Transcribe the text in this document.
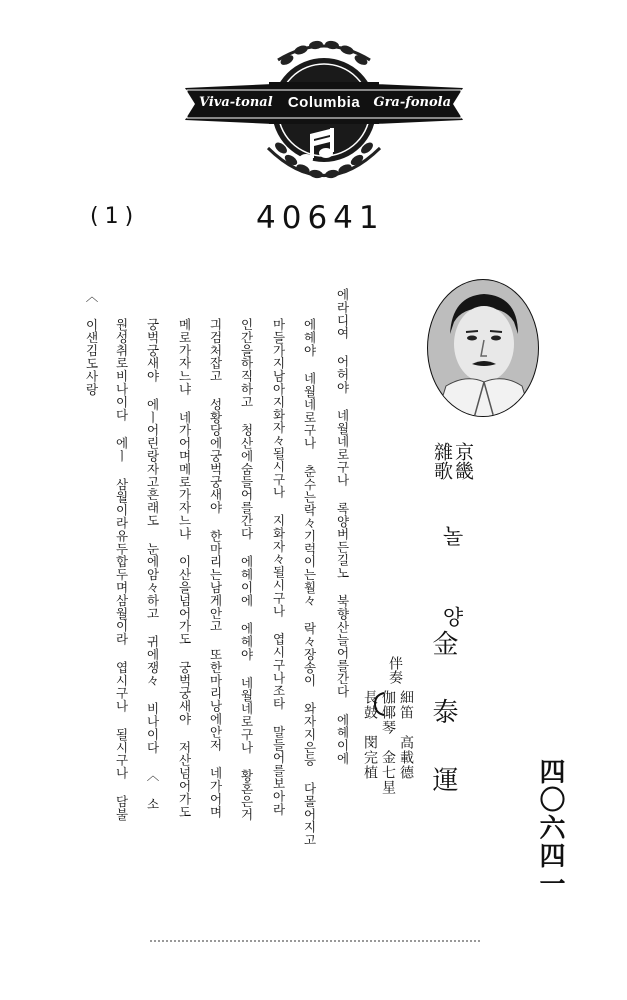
Viva-tonal	Columbia	Gra-fonola
(1)	40641
京畿
雜歌
놀 양
金泰運
伴奏
細笛　高載德
伽倻琴　金七星
長鼓　閔完植
四〇六四一
에라디여 어허야 네월네로구나 록양버든길노 북향산늘어를간다 에헤이에
에헤야 네월네로구나 춘수는락々기럭이는훨々 락々장송이 와자지은등 다몰어지고
마들가지남아지화자々될시구나 지화자々될시구나 엽시구나조타 말들어를보아라
인간을하직하고 청산에숨들어를간다 에헤이에 에헤야 네월네로구나 황혼은거
긔검처잡고 성황당에궁벅궁새야 한마리는남게안고 또한마리낭에안저 네가어며
메로가자느냐 네가어며메로가자느냐 이산을넘어가도 궁벅궁새야 저산넘어가도
궁벅궁새야 에ㅣ어린랑자고흔래도 눈에암々하고 귀에쟁々 비나이다 〈 소
원성취로비나이다 에ㅣ 삼월이라유두합두며삼월이라 엽시구나 될시구나 담불
〈 이샌김도사랑
